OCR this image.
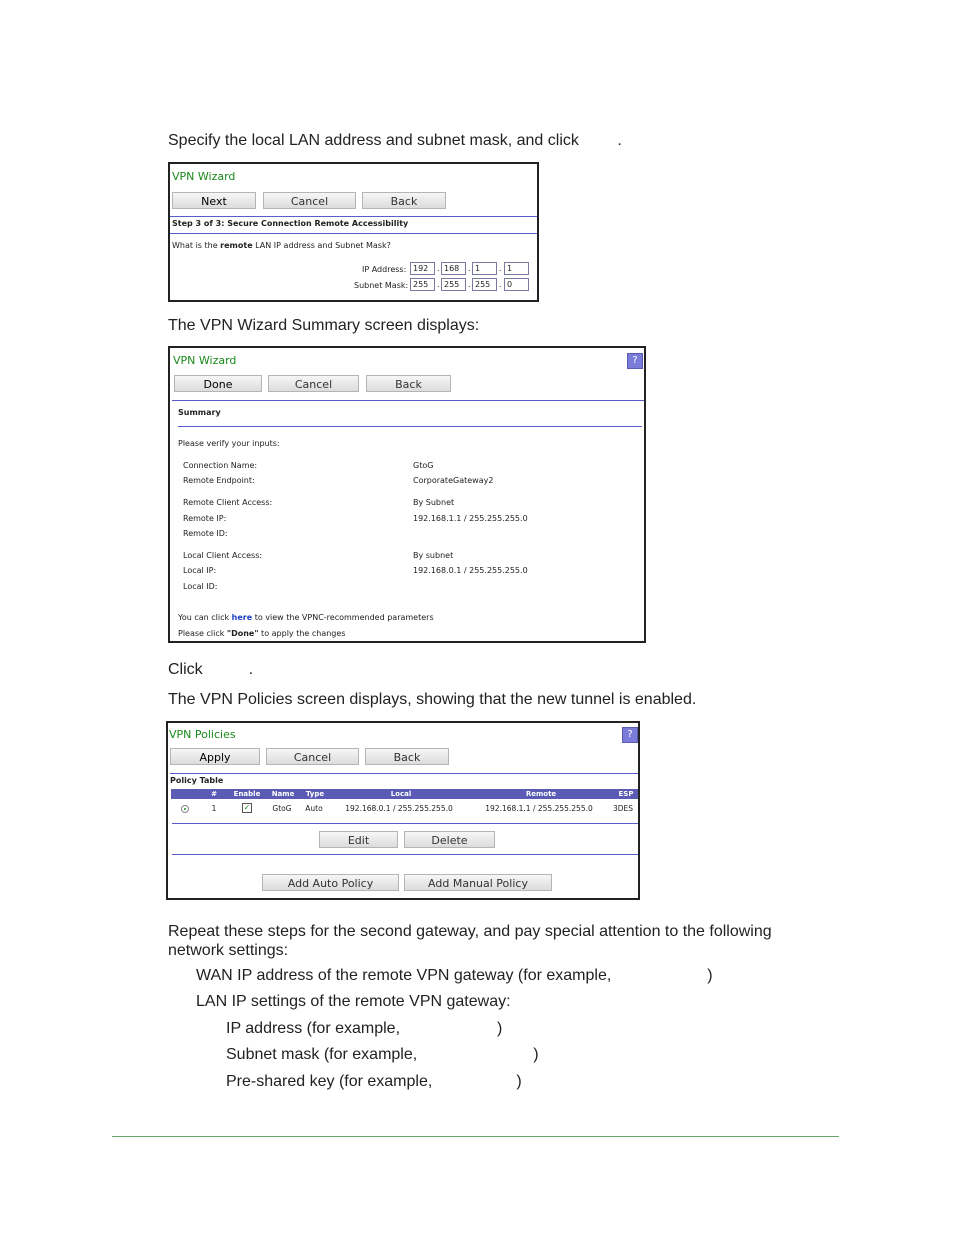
Specify the local LAN address and subnet mask, and click .
VPN Wizard
Next	Cancel	Back
Step 3 of 3: Secure Connection Remote Accessibility
What is the remote LAN IP address and Subnet Mask?
IP Address: 192	. 168	. 1	. 1
Subnet Mask: 255	. 255	. 255	. 0
The VPN Wizard Summary screen displays:
VPN Wizard	?
Done	Cancel	Back
Summary
Please verify your inputs:
Connection Name:	GtoG
Remote Endpoint:	CorporateGateway2
Remote Client Access:	By Subnet
Remote IP:	192.168.1.1 / 255.255.255.0
Remote ID:
Local Client Access:	By subnet
Local IP:	192.168.0.1 / 255.255.255.0
Local ID:
You can click here to view the VPNC-recommended parameters
Please click "Done" to apply the changes
Click	.
The VPN Policies screen displays, showing that the new tunnel is enabled.
VPN Policies	?
Apply	Cancel	Back
Policy Table
#	Enable	Name	Type	Local	Remote	ESP
1	✓	GtoG	Auto	192.168.0.1 / 255.255.255.0	192.168.1.1 / 255.255.255.0	3DES
Edit	Delete
Add Auto Policy	Add Manual Policy
Repeat these steps for the second gateway, and pay special attention to the following
network settings:
WAN IP address of the remote VPN gateway (for example,	)
LAN IP settings of the remote VPN gateway:
IP address (for example,	)
Subnet mask (for example,	)
Pre-shared key (for example,	)
